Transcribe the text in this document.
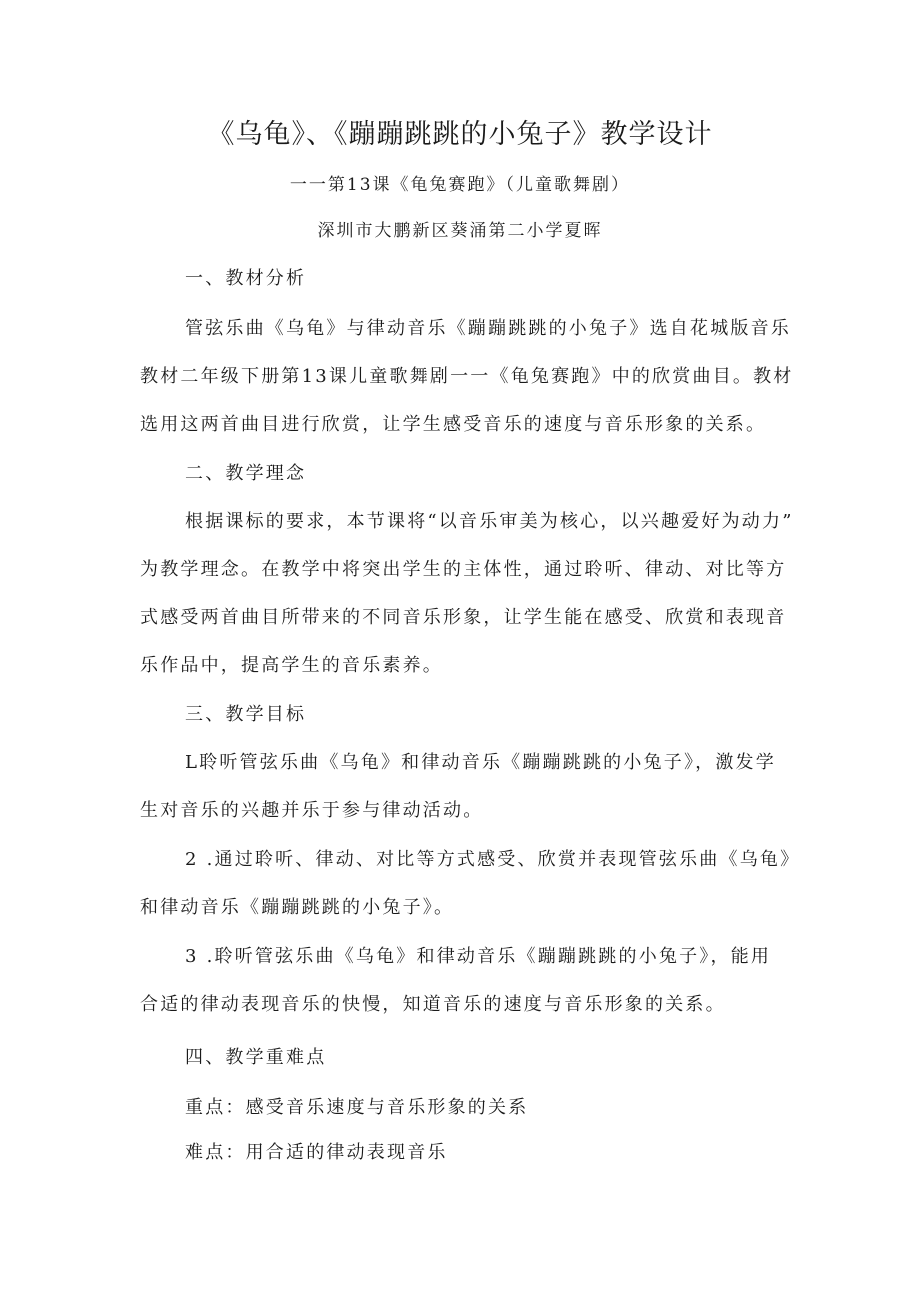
《乌龟》、《蹦蹦跳跳的小兔子》教学设计
一一第13课《龟兔赛跑》（儿童歌舞剧）
深圳市大鹏新区葵涌第二小学夏晖
一、教材分析
管弦乐曲《乌龟》与律动音乐《蹦蹦跳跳的小兔子》选自花城版音乐
教材二年级下册第13课儿童歌舞剧一一《龟兔赛跑》中的欣赏曲目。教材
选用这两首曲目进行欣赏，让学生感受音乐的速度与音乐形象的关系。
二、教学理念
根据课标的要求，本节课将“以音乐审美为核心，以兴趣爱好为动力”
为教学理念。在教学中将突出学生的主体性，通过聆听、律动、对比等方
式感受两首曲目所带来的不同音乐形象，让学生能在感受、欣赏和表现音
乐作品中，提高学生的音乐素养。
三、教学目标
L聆听管弦乐曲《乌龟》和律动音乐《蹦蹦跳跳的小兔子》，激发学
生对音乐的兴趣并乐于参与律动活动。
2 .通过聆听、律动、对比等方式感受、欣赏并表现管弦乐曲《乌龟》
和律动音乐《蹦蹦跳跳的小兔子》。
3 .聆听管弦乐曲《乌龟》和律动音乐《蹦蹦跳跳的小兔子》，能用
合适的律动表现音乐的快慢，知道音乐的速度与音乐形象的关系。
四、教学重难点
重点：感受音乐速度与音乐形象的关系
难点：用合适的律动表现音乐
